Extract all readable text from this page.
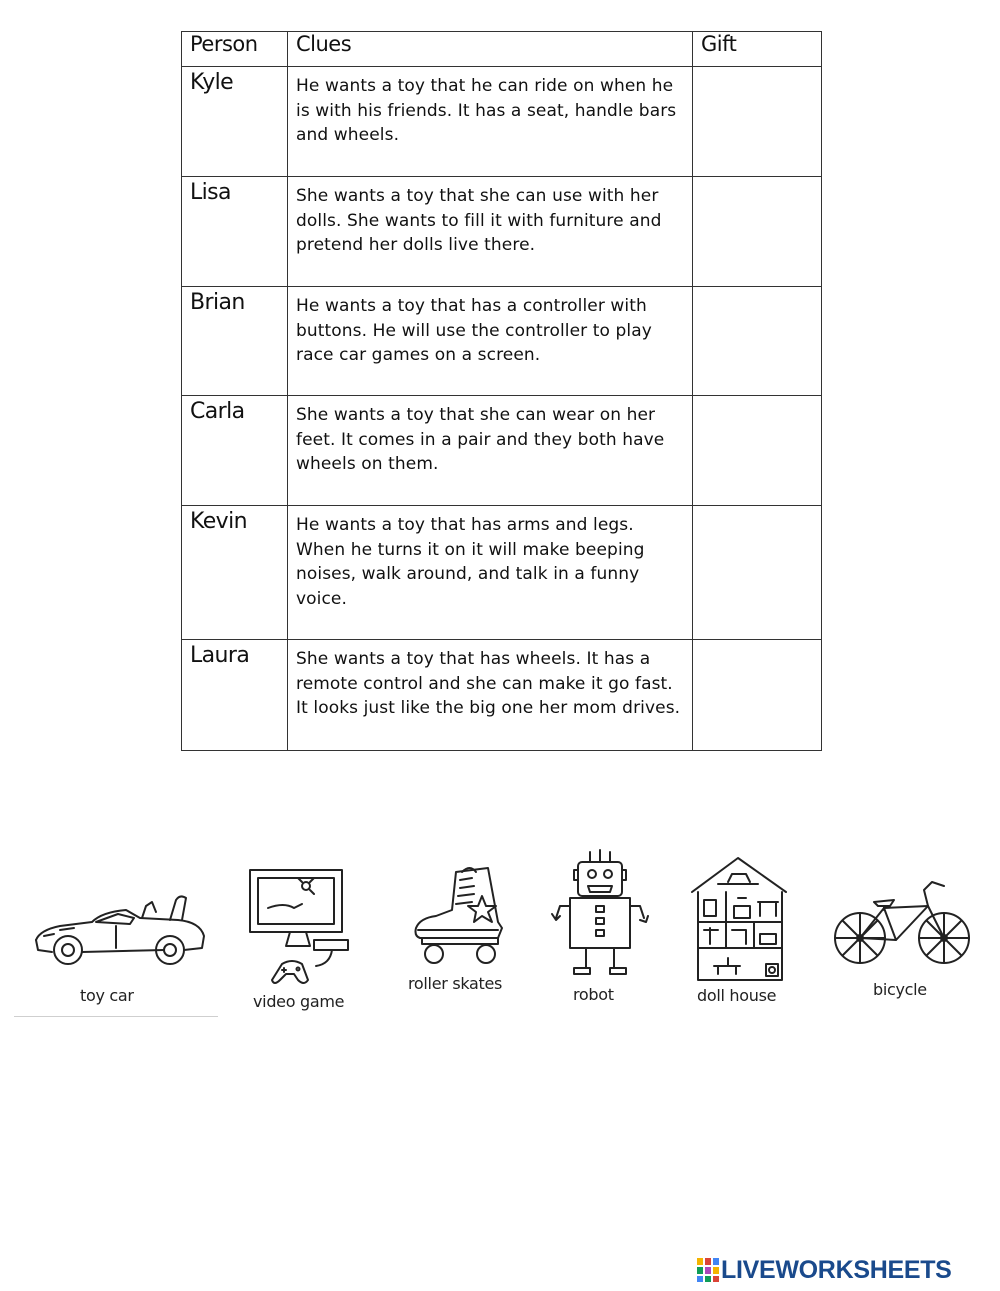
Person	Clues	Gift
Kyle	He wants a toy that he can ride on when he is with his friends. It has a seat, handle bars and wheels.	
Lisa	She wants a toy that she can use with her dolls. She wants to fill it with furniture and pretend her dolls live there.	
Brian	He wants a toy that has a controller with buttons. He will use the controller to play race car games on a screen.	
Carla	She wants a toy that she can wear on her feet. It comes in a pair and they both have wheels on them.	
Kevin	He wants a toy that has arms and legs. When he turns it on it will make beeping noises, walk around, and talk in a funny voice.	
Laura	She wants a toy that has wheels. It has a remote control and she can make it go fast. It looks just like the big one her mom drives.	
toy car	video game
roller skates
robot	doll house	bicycle
LIVEWORKSHEETS
